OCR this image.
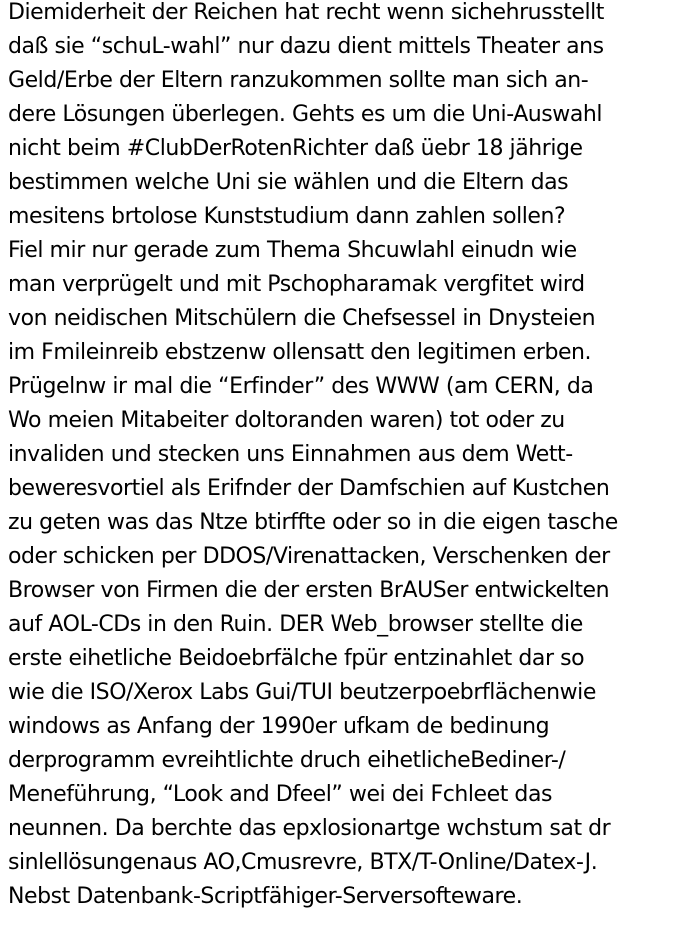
Diemiderheit der Reichen hat recht wenn sichehrusstellt
daß sie “schuL-wahl” nur dazu dient mittels Theater ans
Geld/Erbe der Eltern ranzukommen sollte man sich an-
dere Lösungen überlegen. Gehts es um die Uni-Auswahl
nicht beim #ClubDerRotenRichter daß üebr 18 jährige
bestimmen welche Uni sie wählen und die Eltern das
mesitens brtolose Kunststudium dann zahlen sollen?
Fiel mir nur gerade zum Thema Shcuwlahl einudn wie
man verprügelt und mit Pschopharamak vergfitet wird
von neidischen Mitschülern die Chefsessel in Dnysteien
im Fmileinreib ebstzenw ollensatt den legitimen erben.
Prügelnw ir mal die “Erfinder” des WWW (am CERN, da
Wo meien Mitabeiter doltoranden waren) tot oder zu
invaliden und stecken uns Einnahmen aus dem Wett-
beweresvortiel als Erifnder der Damfschien auf Kustchen
zu geten was das Ntze btirffte oder so in die eigen tasche
oder schicken per DDOS/Virenattacken, Verschenken der
Browser von Firmen die der ersten BrAUSer entwickelten
auf AOL-CDs in den Ruin. DER Web_browser stellte die
erste eihetliche Beidoebrfälche fpür entzinahlet dar so
wie die ISO/Xerox Labs Gui/TUI beutzerpoebrflächenwie
windows as Anfang der 1990er ufkam de bedinung
derprogramm evreihtlichte druch eihetlicheBediner-/
Meneführung, “Look and Dfeel” wei dei Fchleet das
neunnen. Da berchte das epxlosionartge wchstum sat dr
sinlellösungenaus AO,Cmusrevre, BTX/T-Online/Datex-J.
Nebst Datenbank-Scriptfähiger-Serversofteware.
